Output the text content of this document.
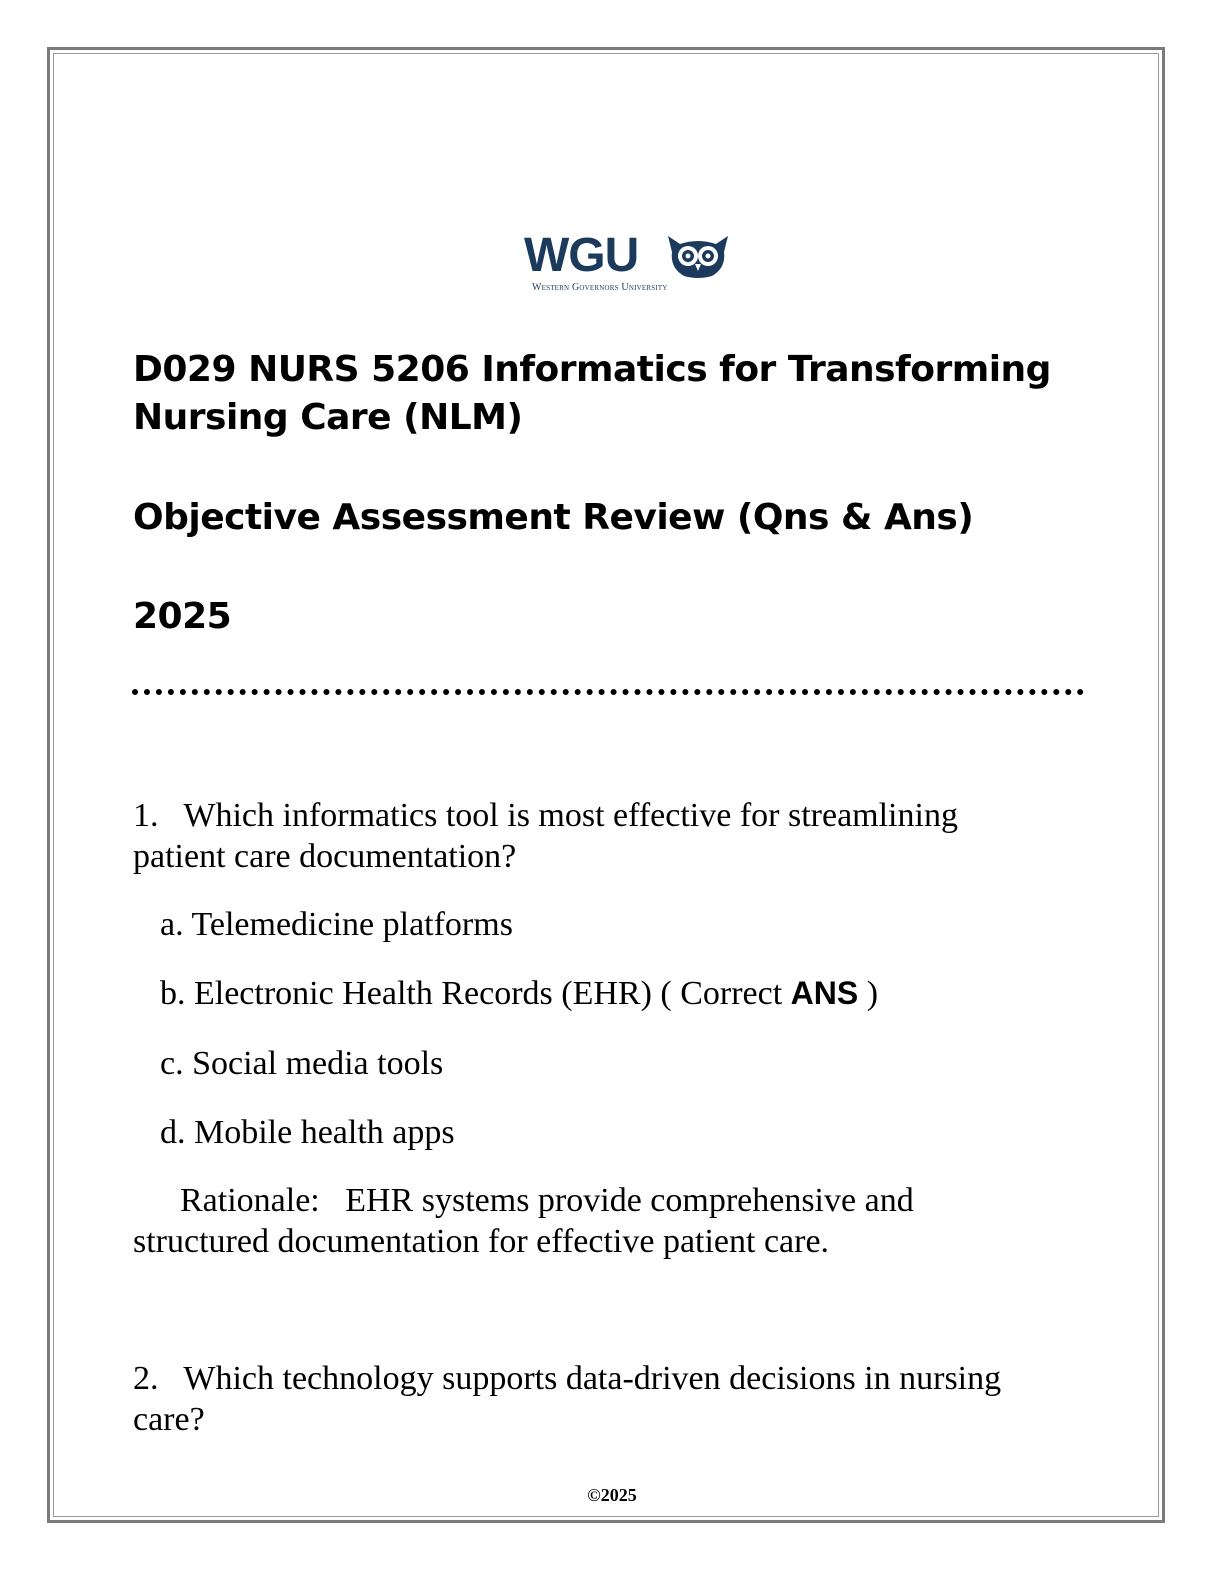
WGU
Western Governors University
D029 NURS 5206 Informatics for Transforming
Nursing Care (NLM)
Objective Assessment Review (Qns & Ans)
2025
1. Which informatics tool is most effective for streamlining
patient care documentation?
a. Telemedicine platforms
b. Electronic Health Records (EHR) ( Correct ANS )
c. Social media tools
d. Mobile health apps
Rationale: EHR systems provide comprehensive and
structured documentation for effective patient care.
2. Which technology supports data-driven decisions in nursing
care?
©2025
